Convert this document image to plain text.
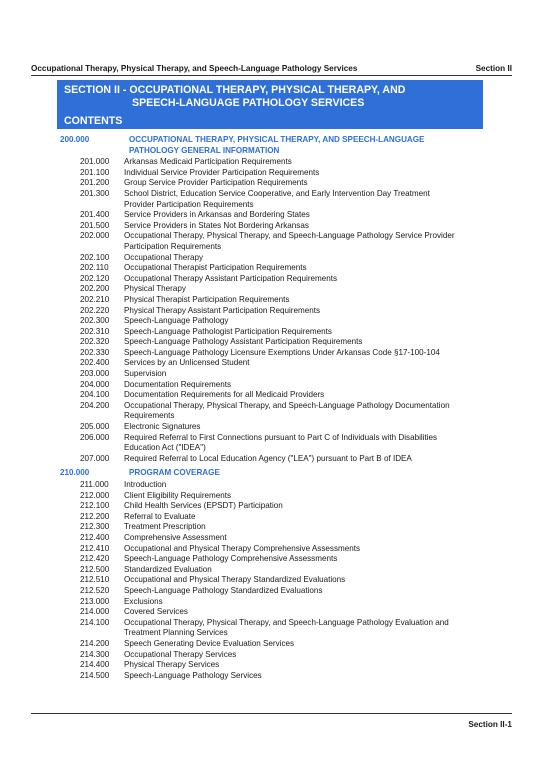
Occupational Therapy, Physical Therapy, and Speech-Language Pathology Services	Section II
SECTION II - OCCUPATIONAL THERAPY, PHYSICAL THERAPY, AND
SPEECH-LANGUAGE PATHOLOGY SERVICES
CONTENTS
200.000	OCCUPATIONAL THERAPY, PHYSICAL THERAPY, AND SPEECH-LANGUAGE PATHOLOGY GENERAL INFORMATION
201.000	Arkansas Medicaid Participation Requirements
201.100	Individual Service Provider Participation Requirements
201.200	Group Service Provider Participation Requirements
201.300	School District, Education Service Cooperative, and Early Intervention Day Treatment Provider Participation Requirements
201.400	Service Providers in Arkansas and Bordering States
201.500	Service Providers in States Not Bordering Arkansas
202.000	Occupational Therapy, Physical Therapy, and Speech-Language Pathology Service Provider Participation Requirements
202.100	Occupational Therapy
202.110	Occupational Therapist Participation Requirements
202.120	Occupational Therapy Assistant Participation Requirements
202.200	Physical Therapy
202.210	Physical Therapist Participation Requirements
202.220	Physical Therapy Assistant Participation Requirements
202.300	Speech-Language Pathology
202.310	Speech-Language Pathologist Participation Requirements
202.320	Speech-Language Pathology Assistant Participation Requirements
202.330	Speech-Language Pathology Licensure Exemptions Under Arkansas Code §17-100-104
202.400	Services by an Unlicensed Student
203.000	Supervision
204.000	Documentation Requirements
204.100	Documentation Requirements for all Medicaid Providers
204.200	Occupational Therapy, Physical Therapy, and Speech-Language Pathology Documentation Requirements
205.000	Electronic Signatures
206.000	Required Referral to First Connections pursuant to Part C of Individuals with Disabilities Education Act ("IDEA")
207.000	Required Referral to Local Education Agency ("LEA") pursuant to Part B of IDEA
210.000	PROGRAM COVERAGE
211.000	Introduction
212.000	Client Eligibility Requirements
212.100	Child Health Services (EPSDT) Participation
212.200	Referral to Evaluate
212.300	Treatment Prescription
212.400	Comprehensive Assessment
212.410	Occupational and Physical Therapy Comprehensive Assessments
212.420	Speech-Language Pathology Comprehensive Assessments
212.500	Standardized Evaluation
212.510	Occupational and Physical Therapy Standardized Evaluations
212.520	Speech-Language Pathology Standardized Evaluations
213.000	Exclusions
214.000	Covered Services
214.100	Occupational Therapy, Physical Therapy, and Speech-Language Pathology Evaluation and Treatment Planning Services
214.200	Speech Generating Device Evaluation Services
214.300	Occupational Therapy Services
214.400	Physical Therapy Services
214.500	Speech-Language Pathology Services
Section II-1
